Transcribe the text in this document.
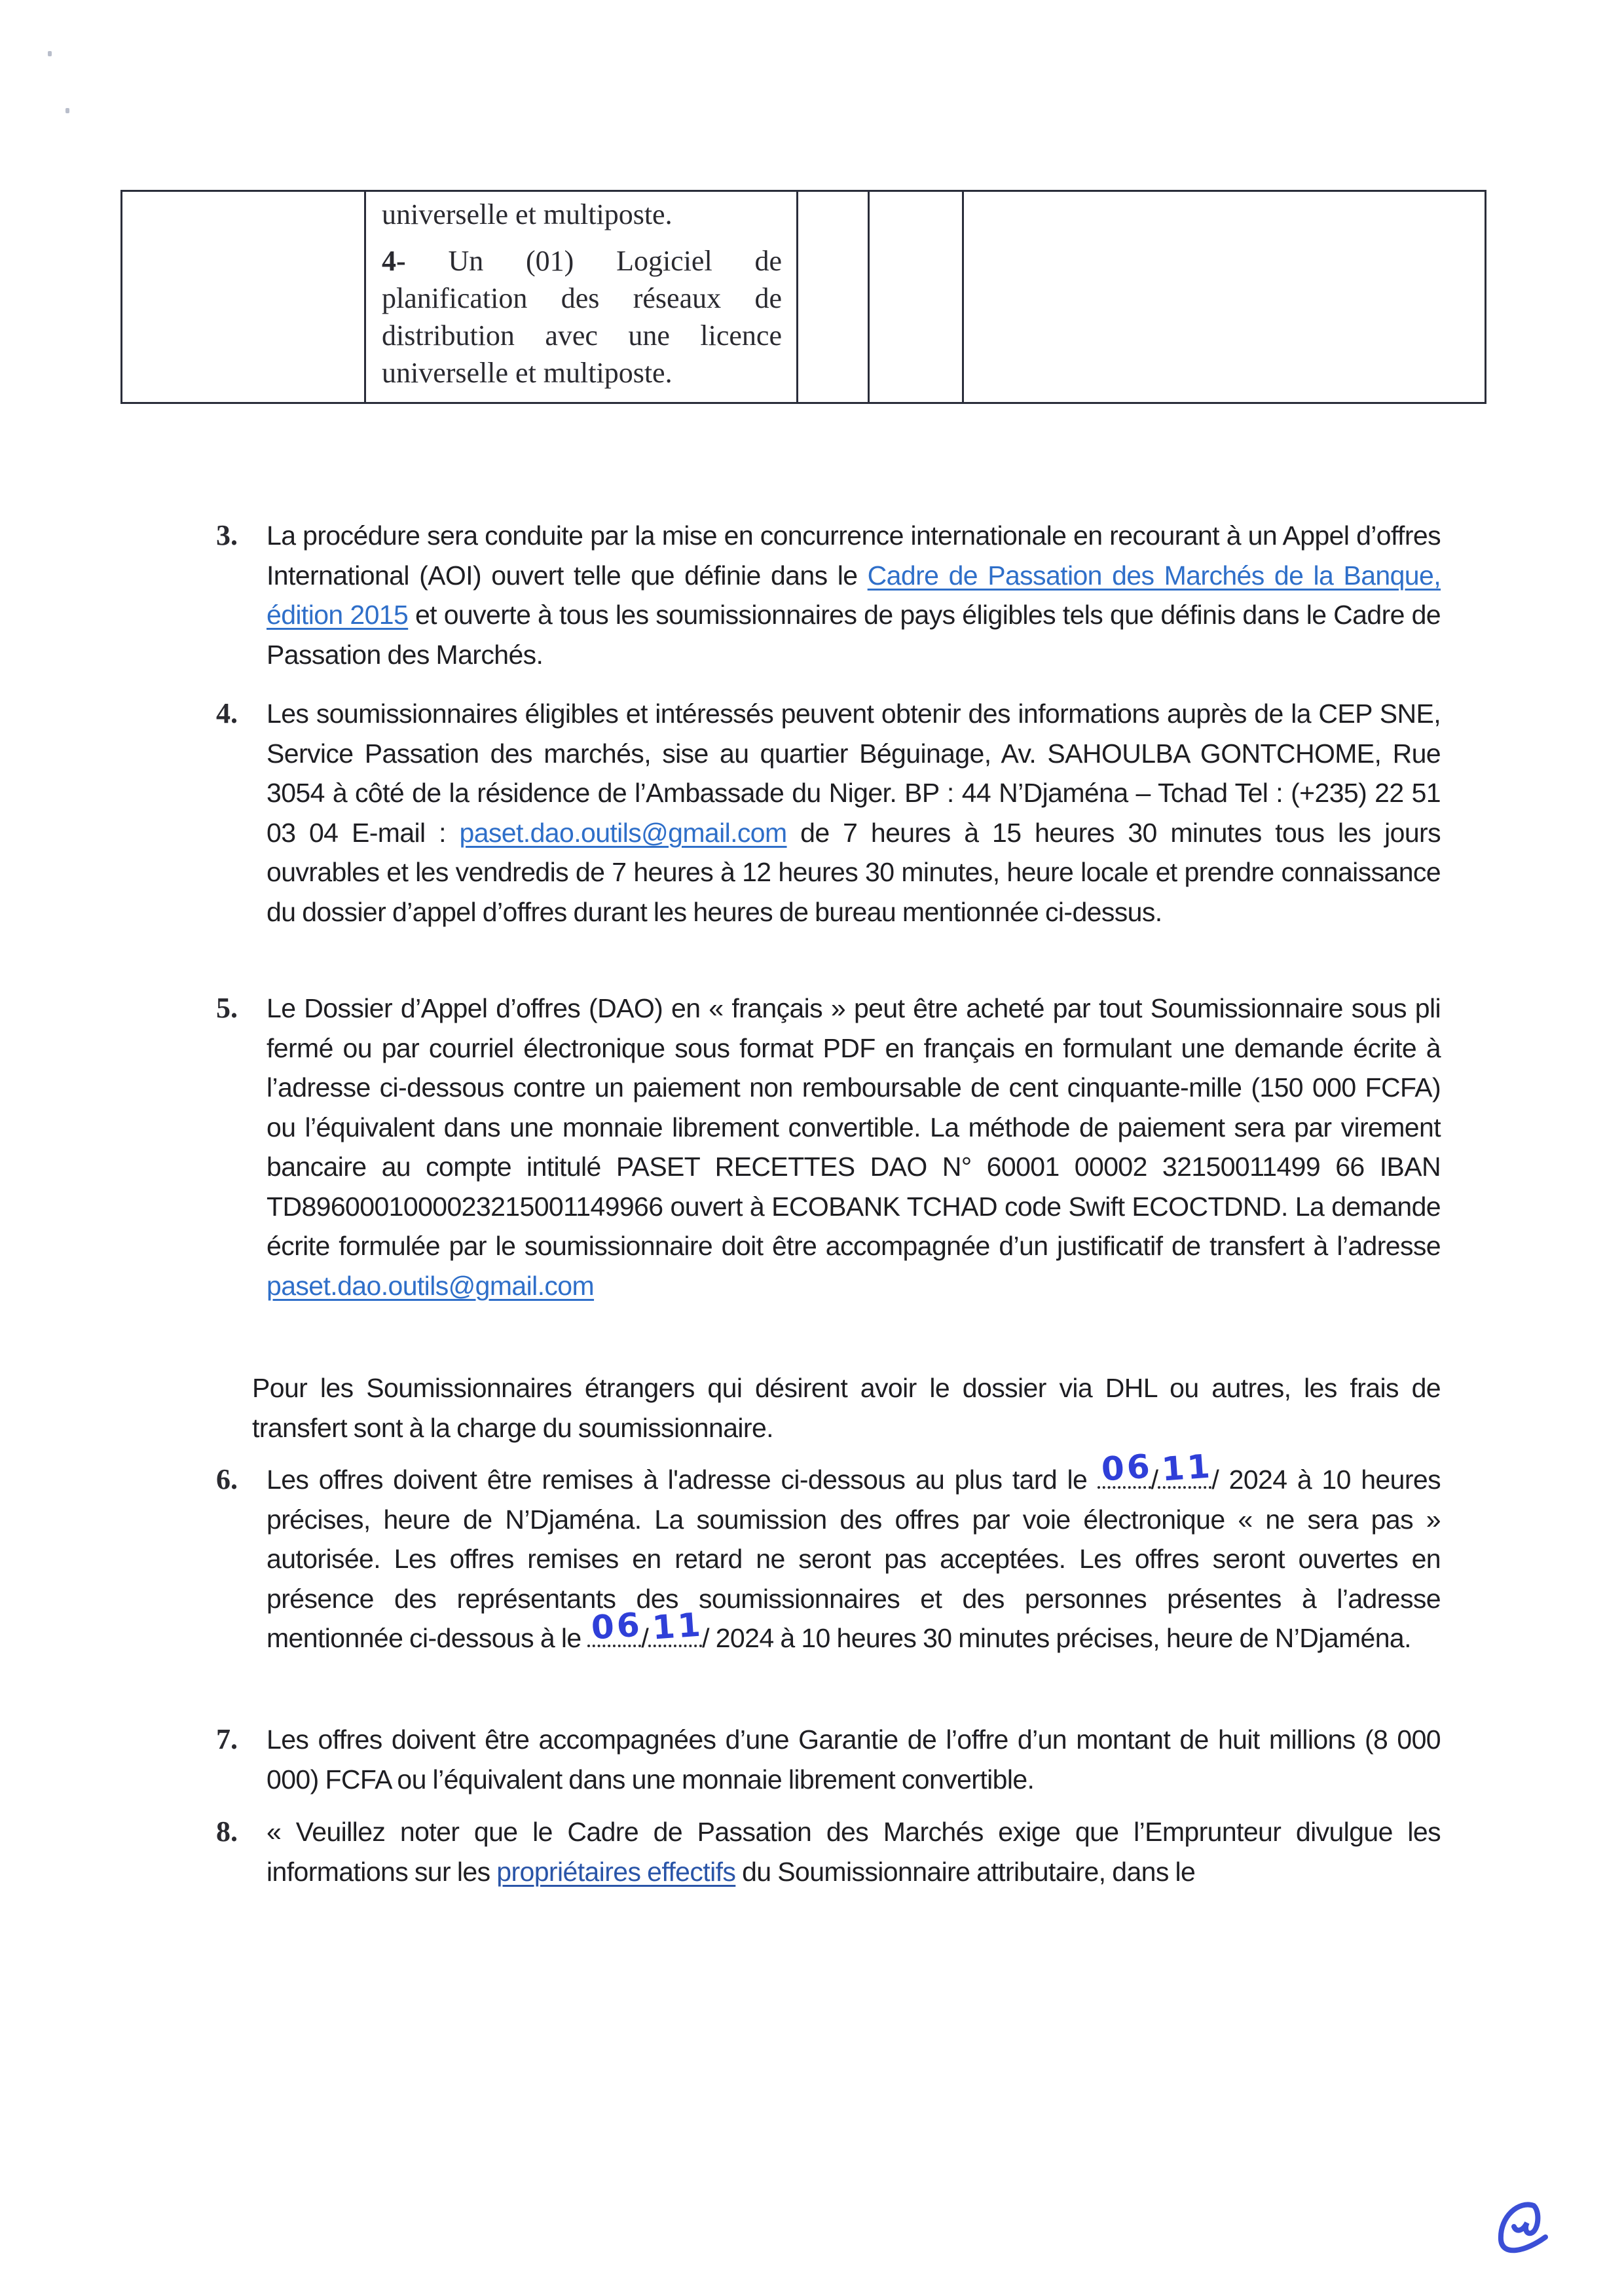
universelle et multiposte.

4- Un (01) Logiciel de planification des réseaux de distribution avec une licence universelle et multiposte.

3. La procédure sera conduite par la mise en concurrence internationale en recourant à un Appel d’offres International (AOI) ouvert telle que définie dans le Cadre de Passation des Marchés de la Banque, édition 2015 et ouverte à tous les soumissionnaires de pays éligibles tels que définis dans le Cadre de Passation des Marchés.
4. Les soumissionnaires éligibles et intéressés peuvent obtenir des informations auprès de la CEP SNE, Service Passation des marchés, sise au quartier Béguinage, Av. SAHOULBA GONTCHOME, Rue 3054 à côté de la résidence de l’Ambassade du Niger. BP : 44 N’Djaména – Tchad Tel : (+235) 22 51 03 04 E-mail : paset.dao.outils@gmail.com de 7 heures à 15 heures 30 minutes tous les jours ouvrables et les vendredis de 7 heures à 12 heures 30 minutes, heure locale et prendre connaissance du dossier d’appel d’offres durant les heures de bureau mentionnée ci-dessus.
5. Le Dossier d’Appel d’offres (DAO) en « français » peut être acheté par tout Soumissionnaire sous pli fermé ou par courriel électronique sous format PDF en français en formulant une demande écrite à l’adresse ci-dessous contre un paiement non remboursable de cent cinquante-mille (150 000 FCFA) ou l’équivalent dans une monnaie librement convertible. La méthode de paiement sera par virement bancaire au compte intitulé PASET RECETTES DAO N° 60001 00002 32150011499 66 IBAN TD8960001000023215001149966 ouvert à ECOBANK TCHAD code Swift ECOCTDND. La demande écrite formulée par le soumissionnaire doit être accompagnée d’un justificatif de transfert à l’adresse paset.dao.outils@gmail.com
Pour les Soumissionnaires étrangers qui désirent avoir le dossier via DHL ou autres, les frais de transfert sont à la charge du soumissionnaire.
6. Les offres doivent être remises à l'adresse ci-dessous au plus tard le 06
/ 11
/ 2024 à 10 heures précises, heure de N’Djaména. La soumission des offres par voie électronique « ne sera pas » autorisée. Les offres remises en retard ne seront pas acceptées. Les offres seront ouvertes en présence des représentants des soumissionnaires et des personnes présentes à l’adresse mentionnée ci-dessous à le 06
/ 11
/ 2024 à 10 heures 30 minutes précises, heure de N’Djaména.
7. Les offres doivent être accompagnées d’une Garantie de l’offre d’un montant de huit millions (8 000 000) FCFA ou l’équivalent dans une monnaie librement convertible.
8. « Veuillez noter que le Cadre de Passation des Marchés exige que l’Emprunteur divulgue les informations sur les propriétaires effectifs du Soumissionnaire attributaire, dans le
